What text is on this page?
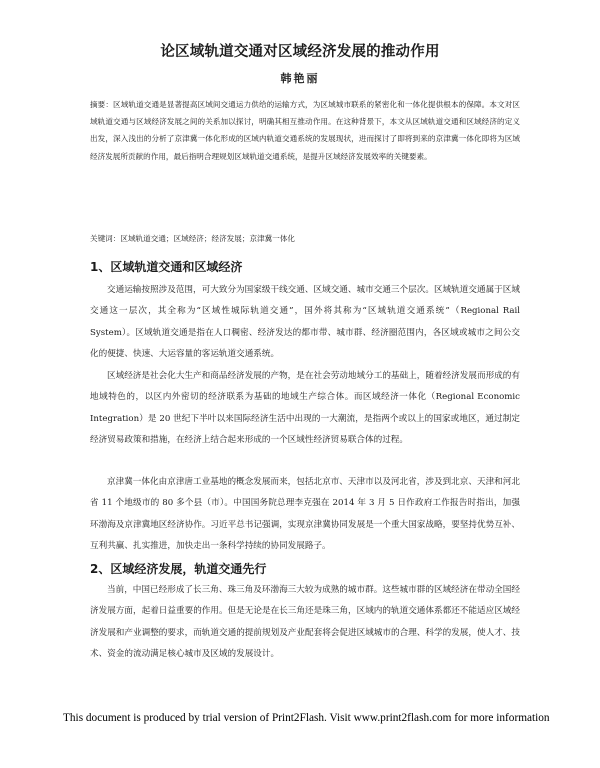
论区域轨道交通对区域经济发展的推动作用
韩艳丽
摘要：区域轨道交通是显著提高区域间交通运力供给的运输方式，为区域城市联系的紧密化和一体化提供根本的保障。本文对区域轨道交通与区域经济发展之间的关系加以探讨，明确其相互推动作用。在这种背景下，本文从区域轨道交通和区域经济的定义出发，深入浅出的分析了京津冀一体化形成的区域内轨道交通系统的发展现状，进而探讨了即将到来的京津冀一体化即将为区域经济发展所贡献的作用，最后指明合理规划区域轨道交通系统，是提升区域经济发展效率的关键要素。
关键词：区域轨道交通；区域经济；经济发展；京津冀一体化
1、区域轨道交通和区域经济
交通运输按照涉及范围，可大致分为国家级干线交通、区域交通、城市交通三个层次。区域轨道交通属于区域交通这一层次，其全称为“区域性城际轨道交通”，国外将其称为“区域轨道交通系统”（Regional Rail System）。区域轨道交通是指在人口稠密、经济发达的都市带、城市群、经济圈范围内，各区域或城市之间公交化的便捷、快速、大运容量的客运轨道交通系统。
区域经济是社会化大生产和商品经济发展的产物，是在社会劳动地域分工的基础上，随着经济发展而形成的有地域特色的，以区内外密切的经济联系为基础的地域生产综合体。而区域经济一体化（Regional Economic Integration）是 20 世纪下半叶以来国际经济生活中出现的一大潮流，是指两个或以上的国家或地区，通过制定经济贸易政策和措施，在经济上结合起来形成的一个区域性经济贸易联合体的过程。
京津冀一体化由京津唐工业基地的概念发展而来，包括北京市、天津市以及河北省，涉及到北京、天津和河北省 11 个地级市的 80 多个县（市）。中国国务院总理李克强在 2014 年 3 月 5 日作政府工作报告时指出，加强环渤海及京津冀地区经济协作。习近平总书记强调，实现京津冀协同发展是一个重大国家战略，要坚持优势互补、互利共赢、扎实推进，加快走出一条科学持续的协同发展路子。
2、区域经济发展，轨道交通先行
当前，中国已经形成了长三角、珠三角及环渤海三大较为成熟的城市群。这些城市群的区域经济在带动全国经济发展方面，起着日益重要的作用。但是无论是在长三角还是珠三角，区域内的轨道交通体系都还不能适应区域经济发展和产业调整的要求，而轨道交通的提前规划及产业配套将会促进区域城市的合理、科学的发展，使人才、技术、资金的流动满足核心城市及区域的发展设计。
This document is produced by trial version of Print2Flash. Visit www.print2flash.com for more information
